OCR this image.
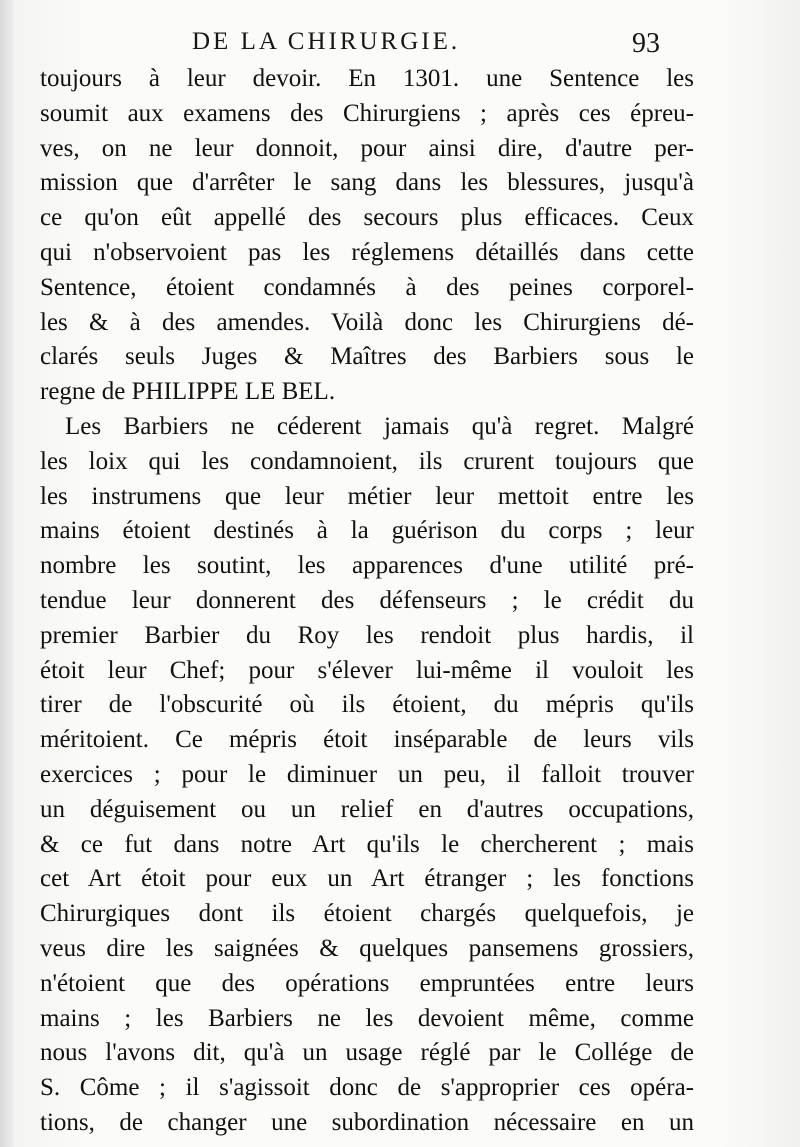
DE LA CHIRURGIE.	93
toujours à leur devoir. En 1301. une Sentence les
soumit aux examens des Chirurgiens ; après ces épreu-
ves, on ne leur donnoit, pour ainsi dire, d'autre per-
mission que d'arrêter le sang dans les blessures, jusqu'à
ce qu'on eût appellé des secours plus efficaces. Ceux
qui n'observoient pas les réglemens détaillés dans cette
Sentence, étoient condamnés à des peines corporel-
les & à des amendes. Voilà donc les Chirurgiens dé-
clarés seuls Juges & Maîtres des Barbiers sous le
regne de PHILIPPE LE BEL.
Les Barbiers ne céderent jamais qu'à regret. Malgré
les loix qui les condamnoient, ils crurent toujours que
les instrumens que leur métier leur mettoit entre les
mains étoient destinés à la guérison du corps ; leur
nombre les soutint, les apparences d'une utilité pré-
tendue leur donnerent des défenseurs ; le crédit du
premier Barbier du Roy les rendoit plus hardis, il
étoit leur Chef; pour s'élever lui-même il vouloit les
tirer de l'obscurité où ils étoient, du mépris qu'ils
méritoient. Ce mépris étoit inséparable de leurs vils
exercices ; pour le diminuer un peu, il falloit trouver
un déguisement ou un relief en d'autres occupations,
& ce fut dans notre Art qu'ils le chercherent ; mais
cet Art étoit pour eux un Art étranger ; les fonctions
Chirurgiques dont ils étoient chargés quelquefois, je
veus dire les saignées & quelques pansemens grossiers,
n'étoient que des opérations empruntées entre leurs
mains ; les Barbiers ne les devoient même, comme
nous l'avons dit, qu'à un usage réglé par le Collége de
S. Côme ; il s'agissoit donc de s'approprier ces opéra-
tions, de changer une subordination nécessaire en un
